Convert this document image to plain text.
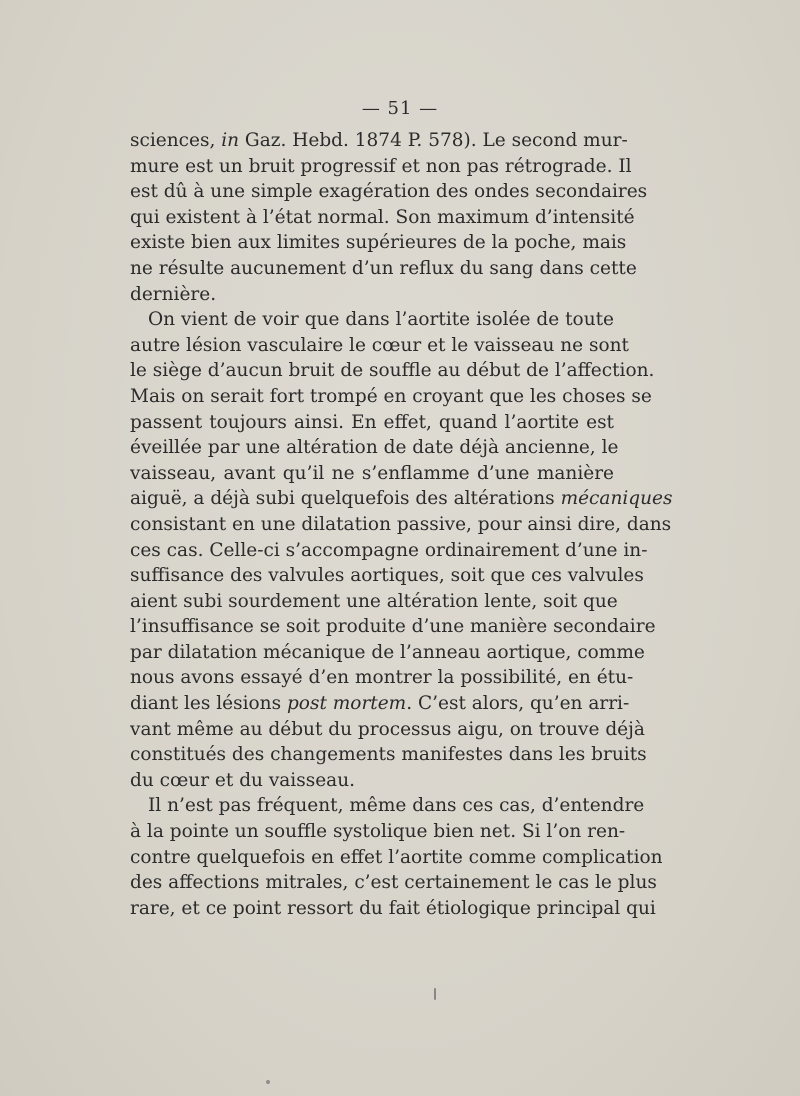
— 51 —
sciences, in Gaz. Hebd. 1874 P. 578). Le second mur-
mure est un bruit progressif et non pas rétrograde. Il
est dû à une simple exagération des ondes secondaires
qui existent à l’état normal. Son maximum d’intensité
existe bien aux limites supérieures de la poche, mais
ne résulte aucunement d’un reflux du sang dans cette
dernière.
On vient de voir que dans l’aortite isolée de toute
autre lésion vasculaire le cœur et le vaisseau ne sont
le siège d’aucun bruit de souffle au début de l’affection.
Mais on serait fort trompé en croyant que les choses se
passent toujours ainsi. En effet, quand l’aortite est
éveillée par une altération de date déjà ancienne, le
vaisseau, avant qu’il ne s’enflamme d’une manière
aiguë, a déjà subi quelquefois des altérations mécaniques
consistant en une dilatation passive, pour ainsi dire, dans
ces cas. Celle-ci s’accompagne ordinairement d’une in-
suffisance des valvules aortiques, soit que ces valvules
aient subi sourdement une altération lente, soit que
l’insuffisance se soit produite d’une manière secondaire
par dilatation mécanique de l’anneau aortique, comme
nous avons essayé d’en montrer la possibilité, en étu-
diant les lésions post mortem. C’est alors, qu’en arri-
vant même au début du processus aigu, on trouve déjà
constitués des changements manifestes dans les bruits
du cœur et du vaisseau.
Il n’est pas fréquent, même dans ces cas, d’entendre
à la pointe un souffle systolique bien net. Si l’on ren-
contre quelquefois en effet l’aortite comme complication
des affections mitrales, c’est certainement le cas le plus
rare, et ce point ressort du fait étiologique principal qui
